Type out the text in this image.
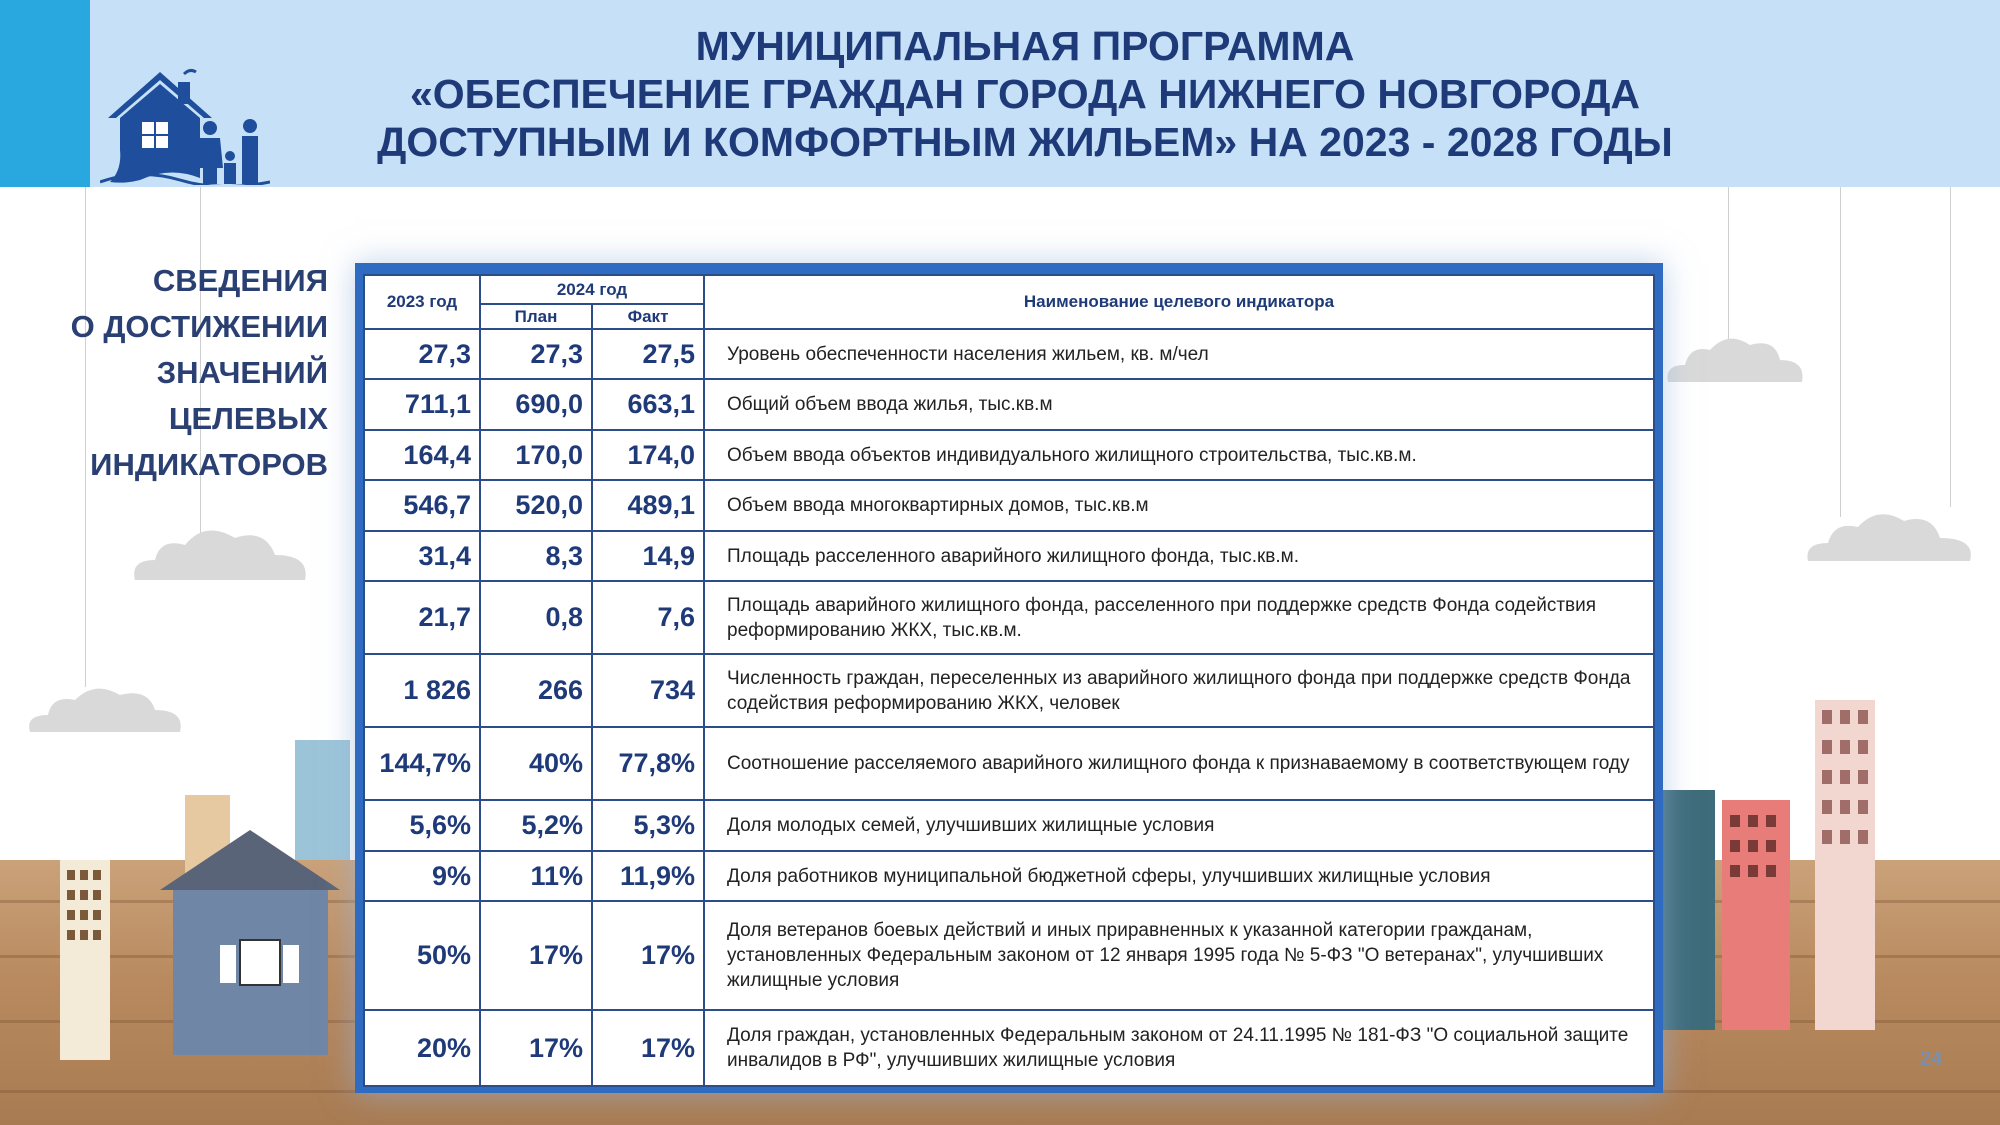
МУНИЦИПАЛЬНАЯ ПРОГРАММА
«ОБЕСПЕЧЕНИЕ ГРАЖДАН ГОРОДА НИЖНЕГО НОВГОРОДА
ДОСТУПНЫМ И КОМФОРТНЫМ ЖИЛЬЕМ» НА 2023 - 2028 ГОДЫ
СВЕДЕНИЯ
О ДОСТИЖЕНИИ
ЗНАЧЕНИЙ
ЦЕЛЕВЫХ
ИНДИКАТОРОВ
2023 год	2024 год		Наименование целевого индикатора
	План	Факт	
27,3	27,3	27,5	Уровень обеспеченности населения жильем, кв. м/чел
711,1	690,0	663,1	Общий объем ввода жилья, тыс.кв.м
164,4	170,0	174,0	Объем ввода объектов индивидуального жилищного строительства, тыс.кв.м.
546,7	520,0	489,1	Объем ввода многоквартирных домов, тыс.кв.м
31,4	8,3	14,9	Площадь расселенного аварийного жилищного фонда, тыс.кв.м.
21,7	0,8	7,6	Площадь аварийного жилищного фонда, расселенного при поддержке средств Фонда содействия реформированию ЖКХ, тыс.кв.м.
1 826	266	734	Численность граждан, переселенных из аварийного жилищного фонда при поддержке средств Фонда содействия реформированию ЖКХ, человек
144,7%	40%	77,8%	Соотношение расселяемого аварийного жилищного фонда к признаваемому в соответствующем году
5,6%	5,2%	5,3%	Доля молодых семей, улучшивших жилищные условия
9%	11%	11,9%	Доля работников муниципальной бюджетной сферы, улучшивших жилищные условия
50%	17%	17%	Доля ветеранов боевых действий и иных приравненных к указанной категории гражданам, установленных Федеральным законом от 12 января 1995 года № 5-ФЗ "О ветеранах", улучшивших жилищные условия
20%	17%	17%	Доля граждан, установленных Федеральным законом от 24.11.1995 № 181-ФЗ "О социальной защите инвалидов в РФ", улучшивших жилищные условия	24
